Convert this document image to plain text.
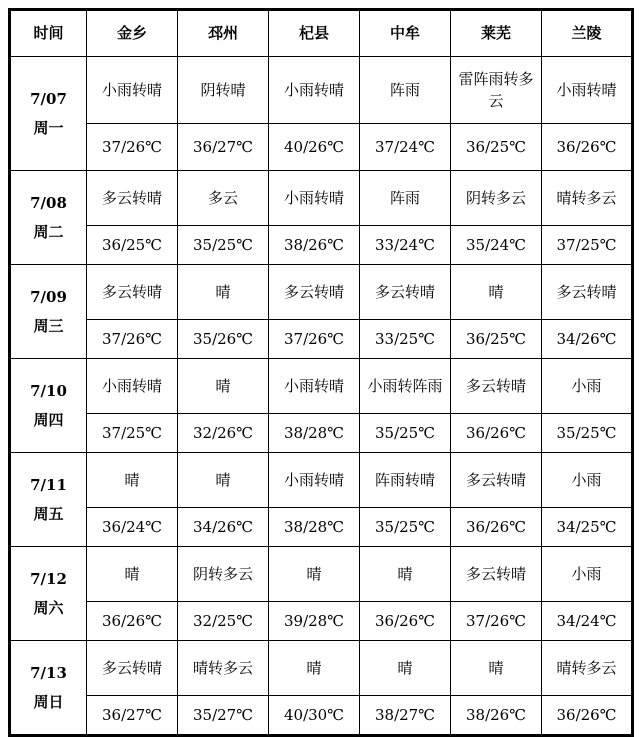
时间	金乡	邳州	杞县	中牟	莱芜	兰陵

7/07
周一	小雨转晴	阴转晴	小雨转晴	阵雨	雷阵雨转多云	小雨转晴
	37/26℃	36/27℃	40/26℃	37/24℃	36/25℃	36/26℃

7/08
周二	多云转晴	多云	小雨转晴	阵雨	阴转多云	晴转多云
	36/25℃	35/25℃	38/26℃	33/24℃	35/24℃	37/25℃

7/09
周三	多云转晴	晴	多云转晴	多云转晴	晴	多云转晴
	37/26℃	35/26℃	37/26℃	33/25℃	36/25℃	34/26℃

7/10
周四	小雨转晴	晴	小雨转晴	小雨转阵雨	多云转晴	小雨
	37/25℃	32/26℃	38/28℃	35/25℃	36/26℃	35/25℃

7/11
周五	晴	晴	小雨转晴	阵雨转晴	多云转晴	小雨
	36/24℃	34/26℃	38/28℃	35/25℃	36/26℃	34/25℃

7/12
周六	晴	阴转多云	晴	晴	多云转晴	小雨
	36/26℃	32/25℃	39/28℃	36/26℃	37/26℃	34/24℃

7/13
周日	多云转晴	晴转多云	晴	晴	晴	晴转多云
	36/27℃	35/27℃	40/30℃	38/27℃	38/26℃	36/26℃
